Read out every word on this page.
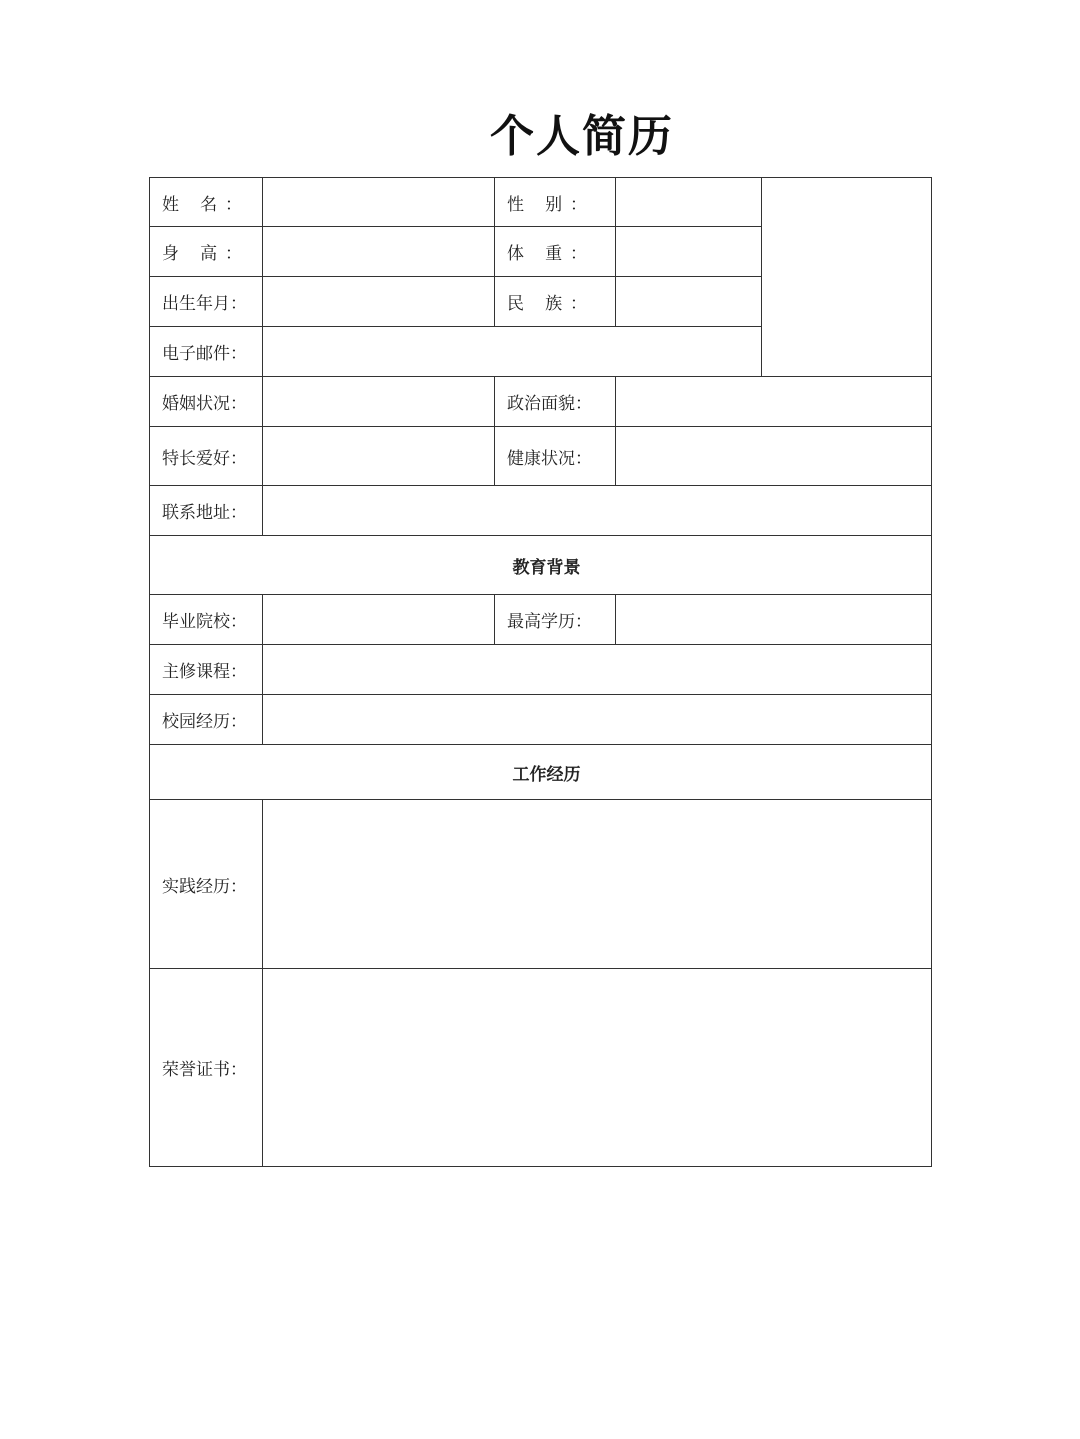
个人简历
姓 名：		性 别：		
身 高：		体 重：		
出生年月：		民 族：		
电子邮件：				
婚姻状况：		政治面貌：		
特长爱好：		健康状况：		
联系地址：				
教育背景				
毕业院校：		最高学历：		
主修课程：				
校园经历：				
工作经历				
实践经历：				
荣誉证书：				
